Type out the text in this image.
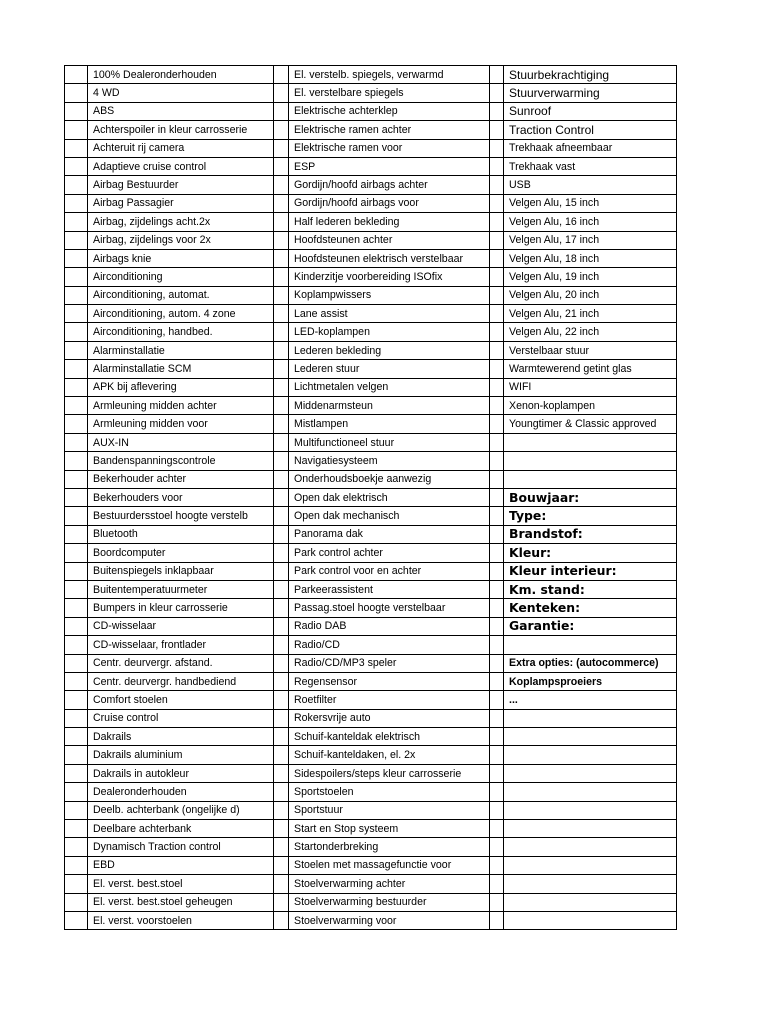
	100% Dealeronderhouden		El. verstelb. spiegels, verwarmd		Stuurbekrachtiging
	4 WD		El. verstelbare spiegels		Stuurverwarming
	ABS		Elektrische achterklep		Sunroof
	Achterspoiler in kleur carrosserie		Elektrische ramen achter		Traction Control
	Achteruit rij camera		Elektrische ramen voor		Trekhaak afneembaar
	Adaptieve cruise control		ESP		Trekhaak vast
	Airbag Bestuurder		Gordijn/hoofd airbags achter		USB
	Airbag Passagier		Gordijn/hoofd airbags voor		Velgen Alu, 15 inch
	Airbag, zijdelings acht.2x		Half lederen bekleding		Velgen Alu, 16 inch
	Airbag, zijdelings voor 2x		Hoofdsteunen achter		Velgen Alu, 17 inch
	Airbags knie		Hoofdsteunen elektrisch verstelbaar		Velgen Alu, 18 inch
	Airconditioning		Kinderzitje voorbereiding ISOfix		Velgen Alu, 19 inch
	Airconditioning, automat.		Koplampwissers		Velgen Alu, 20 inch
	Airconditioning, autom. 4 zone		Lane assist		Velgen Alu, 21 inch
	Airconditioning, handbed.		LED-koplampen		Velgen Alu, 22 inch
	Alarminstallatie		Lederen bekleding		Verstelbaar stuur
	Alarminstallatie SCM		Lederen stuur		Warmtewerend getint glas
	APK bij aflevering		Lichtmetalen velgen		WIFI
	Armleuning midden achter		Middenarmsteun		Xenon-koplampen
	Armleuning midden voor		Mistlampen		Youngtimer & Classic approved
	AUX-IN		Multifunctioneel stuur		
	Bandenspanningscontrole		Navigatiesysteem		
	Bekerhouder achter		Onderhoudsboekje aanwezig		
	Bekerhouders voor		Open dak elektrisch		Bouwjaar:
	Bestuurdersstoel hoogte verstelb		Open dak mechanisch		Type:
	Bluetooth		Panorama dak		Brandstof:
	Boordcomputer		Park control achter		Kleur:
	Buitenspiegels inklapbaar		Park control voor en achter		Kleur interieur:
	Buitentemperatuurmeter		Parkeerassistent		Km. stand:
	Bumpers in kleur carrosserie		Passag.stoel hoogte verstelbaar		Kenteken:
	CD-wisselaar		Radio DAB		Garantie:
	CD-wisselaar, frontlader		Radio/CD		
	Centr. deurvergr. afstand.		Radio/CD/MP3 speler		Extra opties: (autocommerce)
	Centr. deurvergr. handbediend		Regensensor		Koplampsproeiers
	Comfort stoelen		Roetfilter		...
	Cruise control		Rokersvrije auto		
	Dakrails		Schuif-kanteldak elektrisch		
	Dakrails aluminium		Schuif-kanteldaken, el. 2x		
	Dakrails in autokleur		Sidespoilers/steps kleur carrosserie		
	Dealeronderhouden		Sportstoelen		
	Deelb. achterbank (ongelijke d)		Sportstuur		
	Deelbare achterbank		Start en Stop systeem		
	Dynamisch Traction control		Startonderbreking		
	EBD		Stoelen met massagefunctie voor		
	El. verst. best.stoel		Stoelverwarming achter		
	El. verst. best.stoel geheugen		Stoelverwarming bestuurder		
	El. verst. voorstoelen		Stoelverwarming voor		
